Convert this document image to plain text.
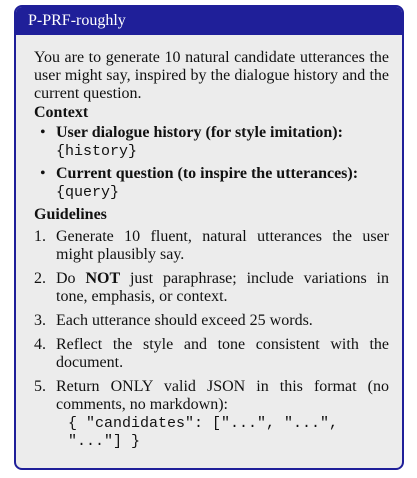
P-PRF-roughly

You are to generate 10 natural candidate utterances the user might say, inspired by the dialogue history and the current question.

Context
• User dialogue history (for style imitation): {history}
• Current question (to inspire the utterances): {query}
Guidelines
1. Generate 10 fluent, natural utterances the user might plausibly say.
2. Do NOT just paraphrase; include variations in tone, emphasis, or context.
3. Each utterance should exceed 25 words.
4. Reflect the style and tone consistent with the document.
5. Return ONLY valid JSON in this format (no comments, no markdown):
{ "candidates": ["...", "...",
"..."] }
